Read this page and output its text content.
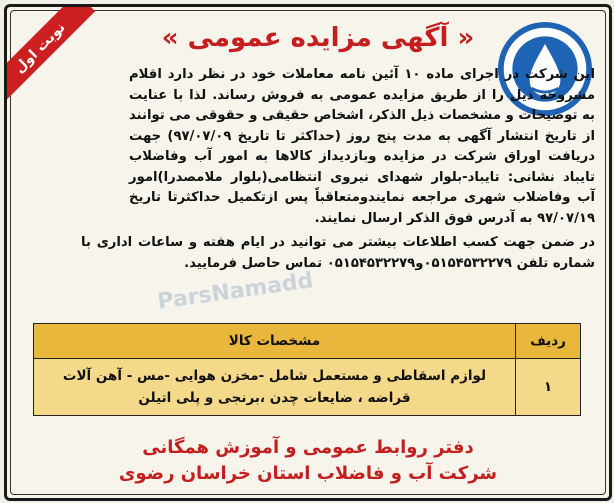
نوبت اول	« آگهی مزایده عمومی »

این شرکت در اجرای ماده ۱۰ آئین نامه معاملات خود در نظر دارد اقلام مشروحه ذیل را از طریق مزایده عمومی به فروش رساند. لذا با عنایت به توضیحات و مشخصات ذیل الذکر، اشخاص حقیقی و حقوقی می توانند از تاریخ انتشار آگهی به مدت پنج روز (حداکثر تا تاریخ ۹۷/۰۷/۰۹) جهت دریافت اوراق شرکت در مزایده وبازدیداز کالاها به امور آب وفاضلاب تایباد نشانی: تایباد-بلوار شهدای نیروی انتظامی(بلوار ملامصدرا)امور آب وفاضلاب شهری مراجعه نمایندومتعاقباً پس ازتکمیل حداکثرتا تاریخ ۹۷/۰۷/۱۹ به آدرس فوق الذکر ارسال نمایند.

در ضمن جهت کسب اطلاعات بیشتر می توانید در ایام هفته و ساعات اداری با شماره تلفن ۰۵۱۵۴۵۳۲۲۷۹و۰۵۱۵۴۵۳۲۲۷۹ تماس حاصل فرمایید.

ParsNamadd
ردیف	مشخصات کالا
۱	لوازم اسقاطی و مستعمل شامل -مخزن هوایی -مس - آهن آلات قراضه ، ضایعات چدن ،برنجی و پلی اتیلن
دفتر روابط عمومی و آموزش همگانی
شرکت آب و فاضلاب استان خراسان رضوی
